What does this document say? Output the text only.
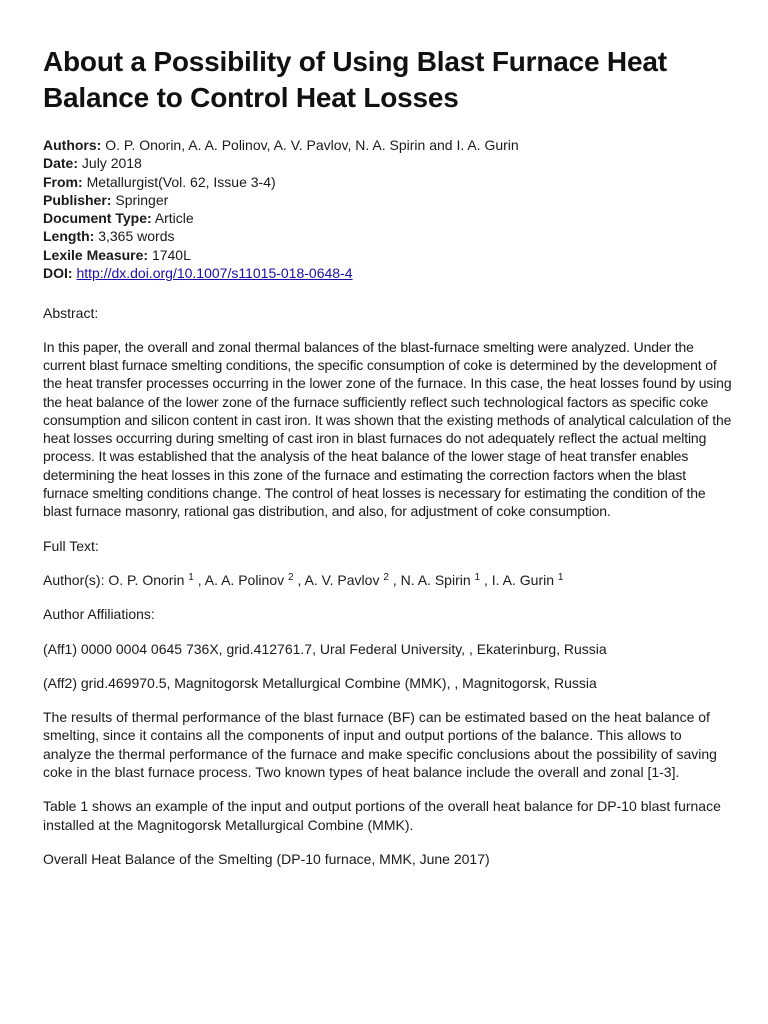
About a Possibility of Using Blast Furnace Heat Balance to Control Heat Losses
Authors: O. P. Onorin, A. A. Polinov, A. V. Pavlov, N. A. Spirin and I. A. Gurin
Date: July 2018
From: Metallurgist(Vol. 62, Issue 3-4)
Publisher: Springer
Document Type: Article
Length: 3,365 words
Lexile Measure: 1740L
DOI: http://dx.doi.org/10.1007/s11015-018-0648-4

Abstract:

In this paper, the overall and zonal thermal balances of the blast-furnace smelting were analyzed. Under the current blast furnace smelting conditions, the specific consumption of coke is determined by the development of the heat transfer processes occurring in the lower zone of the furnace. In this case, the heat losses found by using the heat balance of the lower zone of the furnace sufficiently reflect such technological factors as specific coke consumption and silicon content in cast iron. It was shown that the existing methods of analytical calculation of the heat losses occurring during smelting of cast iron in blast furnaces do not adequately reflect the actual melting process. It was established that the analysis of the heat balance of the lower stage of heat transfer enables determining the heat losses in this zone of the furnace and estimating the correction factors when the blast furnace smelting conditions change. The control of heat losses is necessary for estimating the condition of the blast furnace masonry, rational gas distribution, and also, for adjustment of coke consumption.

Full Text:

Author(s): O. P. Onorin $^1$ , A. A. Polinov $^2$ , A. V. Pavlov $^2$ , N. A. Spirin $^1$ , I. A. Gurin $^1$

Author Affiliations:

(Aff1) 0000 0004 0645 736X, grid.412761.7, Ural Federal University, , Ekaterinburg, Russia

(Aff2) grid.469970.5, Magnitogorsk Metallurgical Combine (MMK), , Magnitogorsk, Russia

The results of thermal performance of the blast furnace (BF) can be estimated based on the heat balance of smelting, since it contains all the components of input and output portions of the balance. This allows to analyze the thermal performance of the furnace and make specific conclusions about the possibility of saving coke in the blast furnace process. Two known types of heat balance include the overall and zonal [1-3].

Table 1 shows an example of the input and output portions of the overall heat balance for DP-10 blast furnace installed at the Magnitogorsk Metallurgical Combine (MMK).

Overall Heat Balance of the Smelting (DP-10 furnace, MMK, June 2017)
